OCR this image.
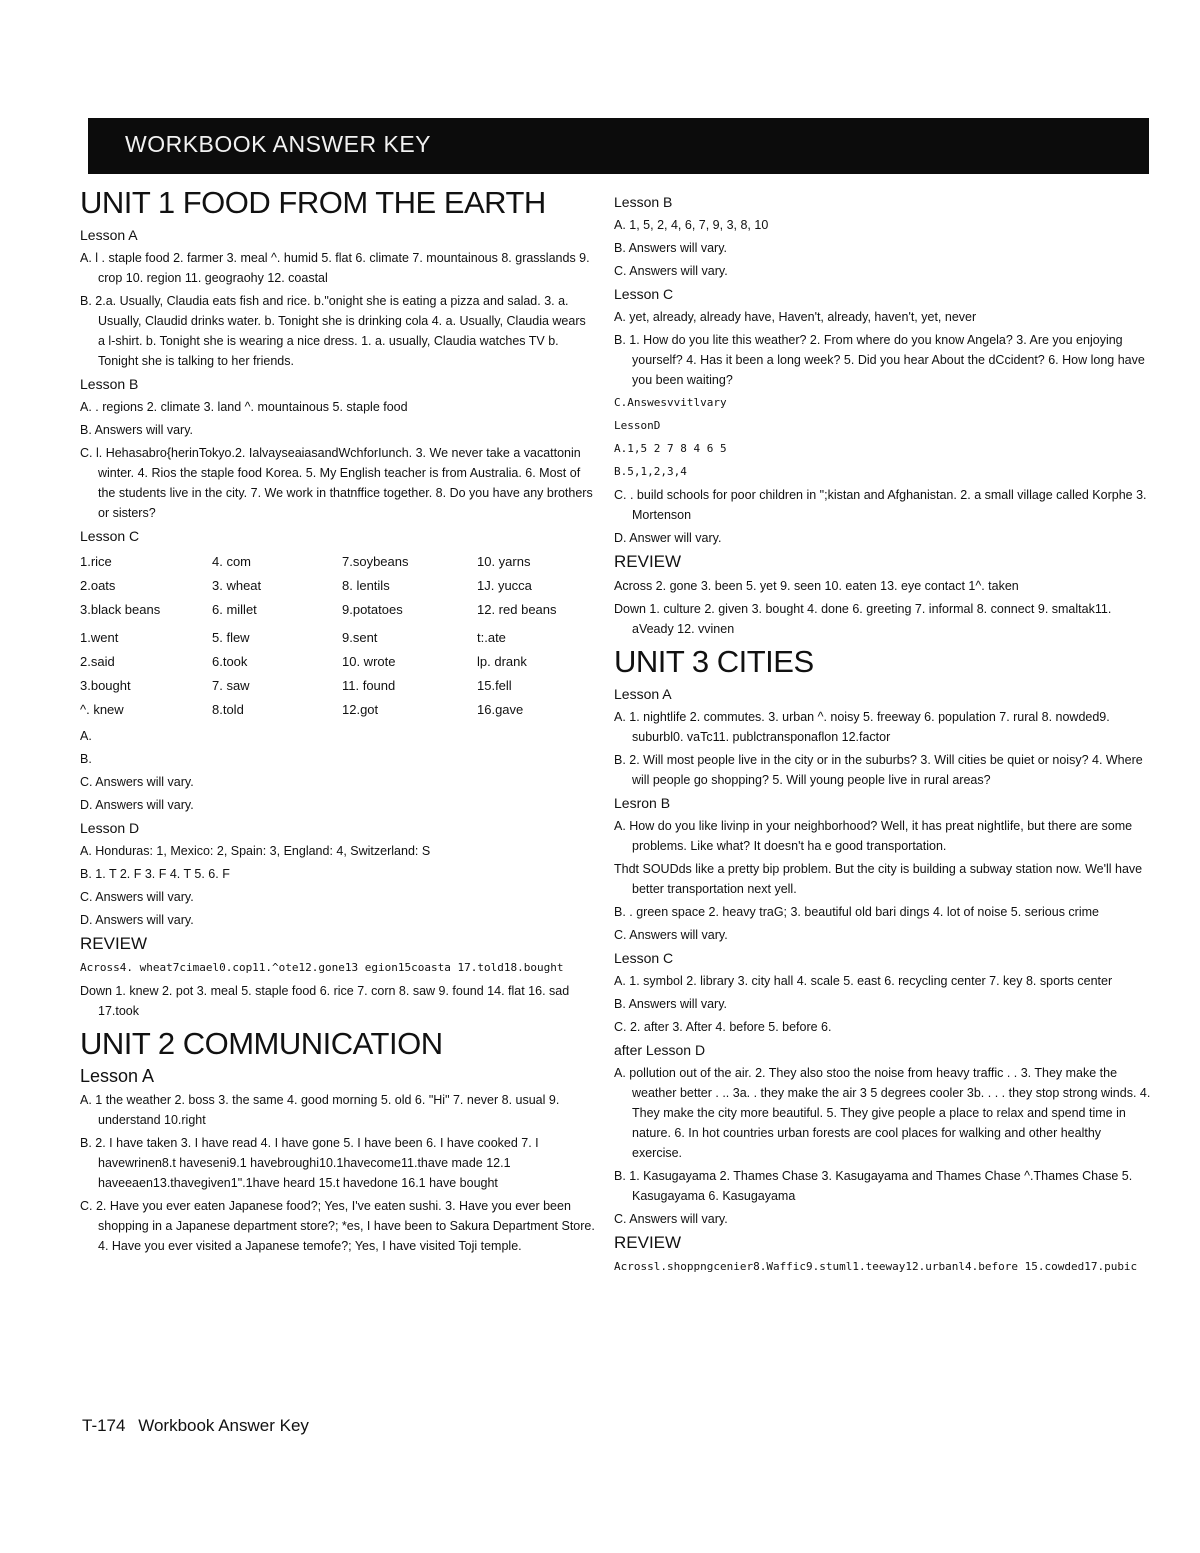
WORKBOOK ANSWER KEY
UNIT 1 FOOD FROM THE EARTH
Lesson A

A. l . staple food 2. farmer 3. meal ^. humid 5. flat 6. climate 7. mountainous 8. grasslands 9. crop 10. region 11. geograohy 12. coastal

B. 2.a. Usually, Claudia eats fish and rice. b."onight she is eating a pizza and salad. 3. a. Usually, Claudid drinks water. b. Tonight she is drinking cola 4. a. Usually, Claudia wears a l-shirt. b. Tonight she is wearing a nice dress. 1. a. usually, Claudia watches TV b. Tonight she is talking to her friends.

Lesson B

A. . regions 2. climate 3. land ^. mountainous 5. staple food

B. Answers will vary.

C. l. Hehasabro{herinTokyo.2. IalvayseaiasandWchforIunch. 3. We never take a vacattonin winter. 4. Rios the staple food Korea. 5. My English teacher is from Australia. 6. Most of the students live in the city. 7. We work in thatnffice together. 8. Do you have any brothers or sisters?

Lesson C
1.rice	4. com	7.soybeans	10. yarns
2.oats	3. wheat	8. lentils	1J. yucca
3.black beans	6. millet	9.potatoes	12. red beans
1.went	5. flew	9.sent	t:.ate
2.said	6.took	10. wrote	lp. drank
3.bought	7. saw	11. found	15.fell
^. knew	8.told	12.got	16.gave

A.

B.

C. Answers will vary.

D. Answers will vary.

Lesson D

A. Honduras: 1, Mexico: 2, Spain: 3, England: 4, Switzerland: S

B. 1. T 2. F 3. F 4. T 5. 6. F

C. Answers will vary.

D. Answers will vary.

REVIEW

Across4. wheat7cimael0.cop11.^ote12.gone13 egion15coasta 17.told18.bought

Down 1. knew 2. pot 3. meal 5. staple food 6. rice 7. corn 8. saw 9. found 14. flat 16. sad 17.took

UNIT 2 COMMUNICATION
Lesson A

A. 1 the weather 2. boss 3. the same 4. good morning 5. old 6. "Hi" 7. never 8. usual 9. understand 10.right

B. 2. I have taken 3. I have read 4. I have gone 5. I have been 6. I have cooked 7. I havewrinen8.t haveseni9.1 havebroughi10.1havecome11.thave made 12.1 haveeaen13.thavegiven1".1have heard 15.t havedone 16.1 have bought

C. 2. Have you ever eaten Japanese food?; Yes, I've eaten sushi. 3. Have you ever been shopping in a Japanese department store?; *es, I have been to Sakura Department Store. 4. Have you ever visited a Japanese temofe?; Yes, I have visited Toji temple.

T-174 Workbook Answer Key
Lesson B

A. 1, 5, 2, 4, 6, 7, 9, 3, 8, 10

B. Answers will vary.

C. Answers will vary.

Lesson C

A. yet, already, already have, Haven't, already, haven't, yet, never

B. 1. How do you lite this weather? 2. From where do you know Angela? 3. Are you enjoying yourself? 4. Has it been a long week? 5. Did you hear About the dCcident? 6. How long have you been waiting?

C.Answesvvitlvary

LessonD

A.1,5 2 7 8 4 6 5

B.5,1,2,3,4

C. . build schools for poor children in ";kistan and Afghanistan. 2. a small village called Korphe 3. Mortenson

D. Answer will vary.

REVIEW

Across 2. gone 3. been 5. yet 9. seen 10. eaten 13. eye contact 1^. taken

Down 1. culture 2. given 3. bought 4. done 6. greeting 7. informal 8. connect 9. smaltak11. aVeady 12. vvinen

UNIT 3 CITIES
Lesson A

A. 1. nightlife 2. commutes. 3. urban ^. noisy 5. freeway 6. population 7. rural 8. nowded9. suburbl0. vaTc11. publctransponaflon 12.factor

B. 2. Will most people live in the city or in the suburbs? 3. Will cities be quiet or noisy? 4. Where will people go shopping? 5. Will young people live in rural areas?

Lesron B

A. How do you like livinp in your neighborhood? Well, it has preat nightlife, but there are some problems. Like what? It doesn't ha e good transportation.

Thdt SOUDds like a pretty bip problem. But the city is building a subway station now. We'll have better transportation next yell.

B. . green space 2. heavy traG; 3. beautiful old bari dings 4. lot of noise 5. serious crime

C. Answers will vary.

Lesson C

A. 1. symbol 2. library 3. city hall 4. scale 5. east 6. recycling center 7. key 8. sports center

B. Answers will vary.

C. 2. after 3. After 4. before 5. before 6.

after Lesson D

A. pollution out of the air. 2. They also stoo the noise from heavy traffic . . 3. They make the weather better . .. 3a. . they make the air 3 5 degrees cooler 3b. . . . they stop strong winds. 4. They make the city more beautiful. 5. They give people a place to relax and spend time in nature. 6. In hot countries urban forests are cool places for walking and other healthy exercise.

B. 1. Kasugayama 2. Thames Chase 3. Kasugayama and Thames Chase ^.Thames Chase 5. Kasugayama 6. Kasugayama

C. Answers will vary.

REVIEW

Acrossl.shoppngcenier8.Waffic9.stuml1.teeway12.urbanl4.before 15.cowded17.pubic
